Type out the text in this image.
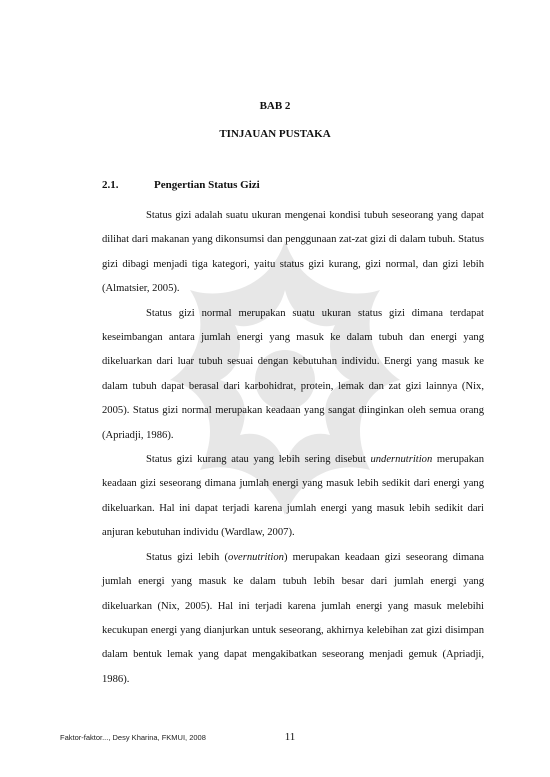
BAB 2
TINJAUAN PUSTAKA
2.1.	Pengertian Status Gizi

Status gizi adalah suatu ukuran mengenai kondisi tubuh seseorang yang dapat dilihat dari makanan yang dikonsumsi dan penggunaan zat-zat gizi di dalam tubuh. Status gizi dibagi menjadi tiga kategori, yaitu status gizi kurang, gizi normal, dan gizi lebih (Almatsier, 2005).

Status gizi normal merupakan suatu ukuran status gizi dimana terdapat keseimbangan antara jumlah energi yang masuk ke dalam tubuh dan energi yang dikeluarkan dari luar tubuh sesuai dengan kebutuhan individu. Energi yang masuk ke dalam tubuh dapat berasal dari karbohidrat, protein, lemak dan zat gizi lainnya (Nix, 2005). Status gizi normal merupakan keadaan yang sangat diinginkan oleh semua orang (Apriadji, 1986).

Status gizi kurang atau yang lebih sering disebut undernutrition merupakan keadaan gizi seseorang dimana jumlah energi yang masuk lebih sedikit dari energi yang dikeluarkan. Hal ini dapat terjadi karena jumlah energi yang masuk lebih sedikit dari anjuran kebutuhan individu (Wardlaw, 2007).

Status gizi lebih (overnutrition) merupakan keadaan gizi seseorang dimana jumlah energi yang masuk ke dalam tubuh lebih besar dari jumlah energi yang dikeluarkan (Nix, 2005). Hal ini terjadi karena jumlah energi yang masuk melebihi kecukupan energi yang dianjurkan untuk seseorang, akhirnya kelebihan zat gizi disimpan dalam bentuk lemak yang dapat mengakibatkan seseorang menjadi gemuk (Apriadji, 1986).

Faktor-faktor..., Desy Kharina, FKMUI, 2008	11
